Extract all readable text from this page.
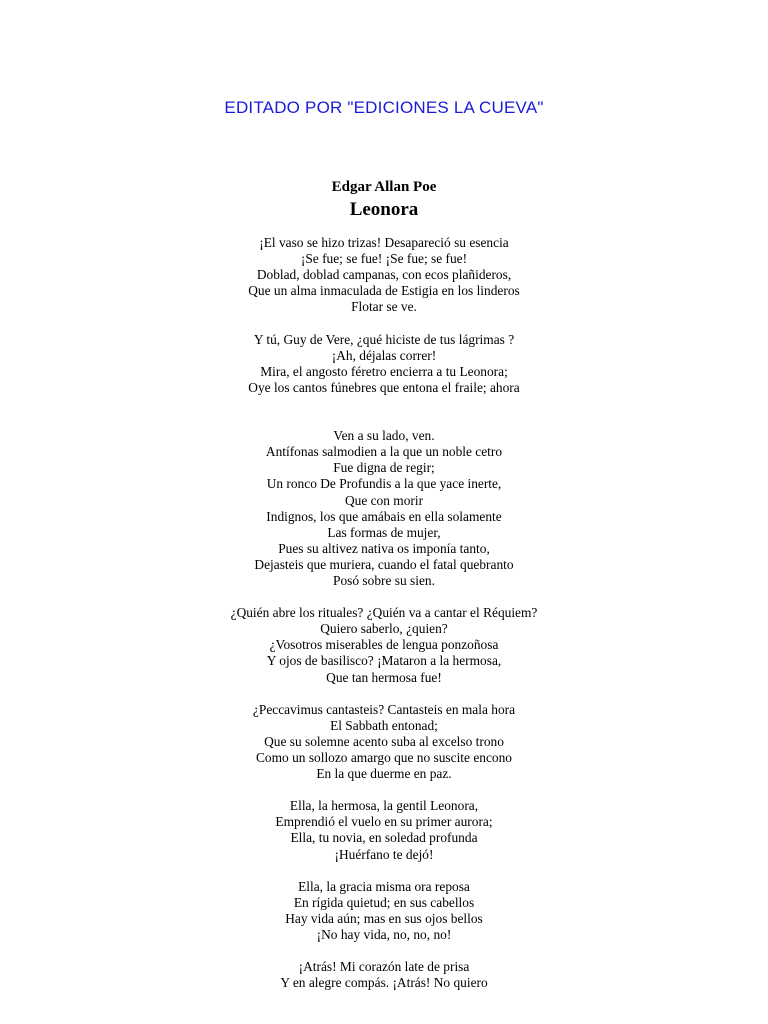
EDITADO POR "EDICIONES LA CUEVA"
Edgar Allan Poe
Leonora
¡El vaso se hizo trizas! Desapareció su esencia
¡Se fue; se fue! ¡Se fue; se fue!
Doblad, doblad campanas, con ecos plañideros,
Que un alma inmaculada de Estigia en los linderos
Flotar se ve.
Y tú, Guy de Vere, ¿qué hiciste de tus lágrimas ?
¡Ah, déjalas correr!
Mira, el angosto féretro encierra a tu Leonora;
Oye los cantos fúnebres que entona el fraile; ahora
Ven a su lado, ven.
Antífonas salmodien a la que un noble cetro
Fue digna de regir;
Un ronco De Profundis a la que yace inerte,
Que con morir
Indignos, los que amábais en ella solamente
Las formas de mujer,
Pues su altivez nativa os imponía tanto,
Dejasteis que muriera, cuando el fatal quebranto
Posó sobre su sien.
¿Quién abre los rituales? ¿Quién va a cantar el Réquiem?
Quiero saberlo, ¿quien?
¿Vosotros miserables de lengua ponzoñosa
Y ojos de basilisco? ¡Mataron a la hermosa,
Que tan hermosa fue!
¿Peccavimus cantasteis? Cantasteis en mala hora
El Sabbath entonad;
Que su solemne acento suba al excelso trono
Como un sollozo amargo que no suscite encono
En la que duerme en paz.
Ella, la hermosa, la gentil Leonora,
Emprendió el vuelo en su primer aurora;
Ella, tu novia, en soledad profunda
¡Huérfano te dejó!
Ella, la gracia misma ora reposa
En rígida quietud; en sus cabellos
Hay vida aún; mas en sus ojos bellos
¡No hay vida, no, no, no!
¡Atrás! Mi corazón late de prisa
Y en alegre compás. ¡Atrás! No quiero
